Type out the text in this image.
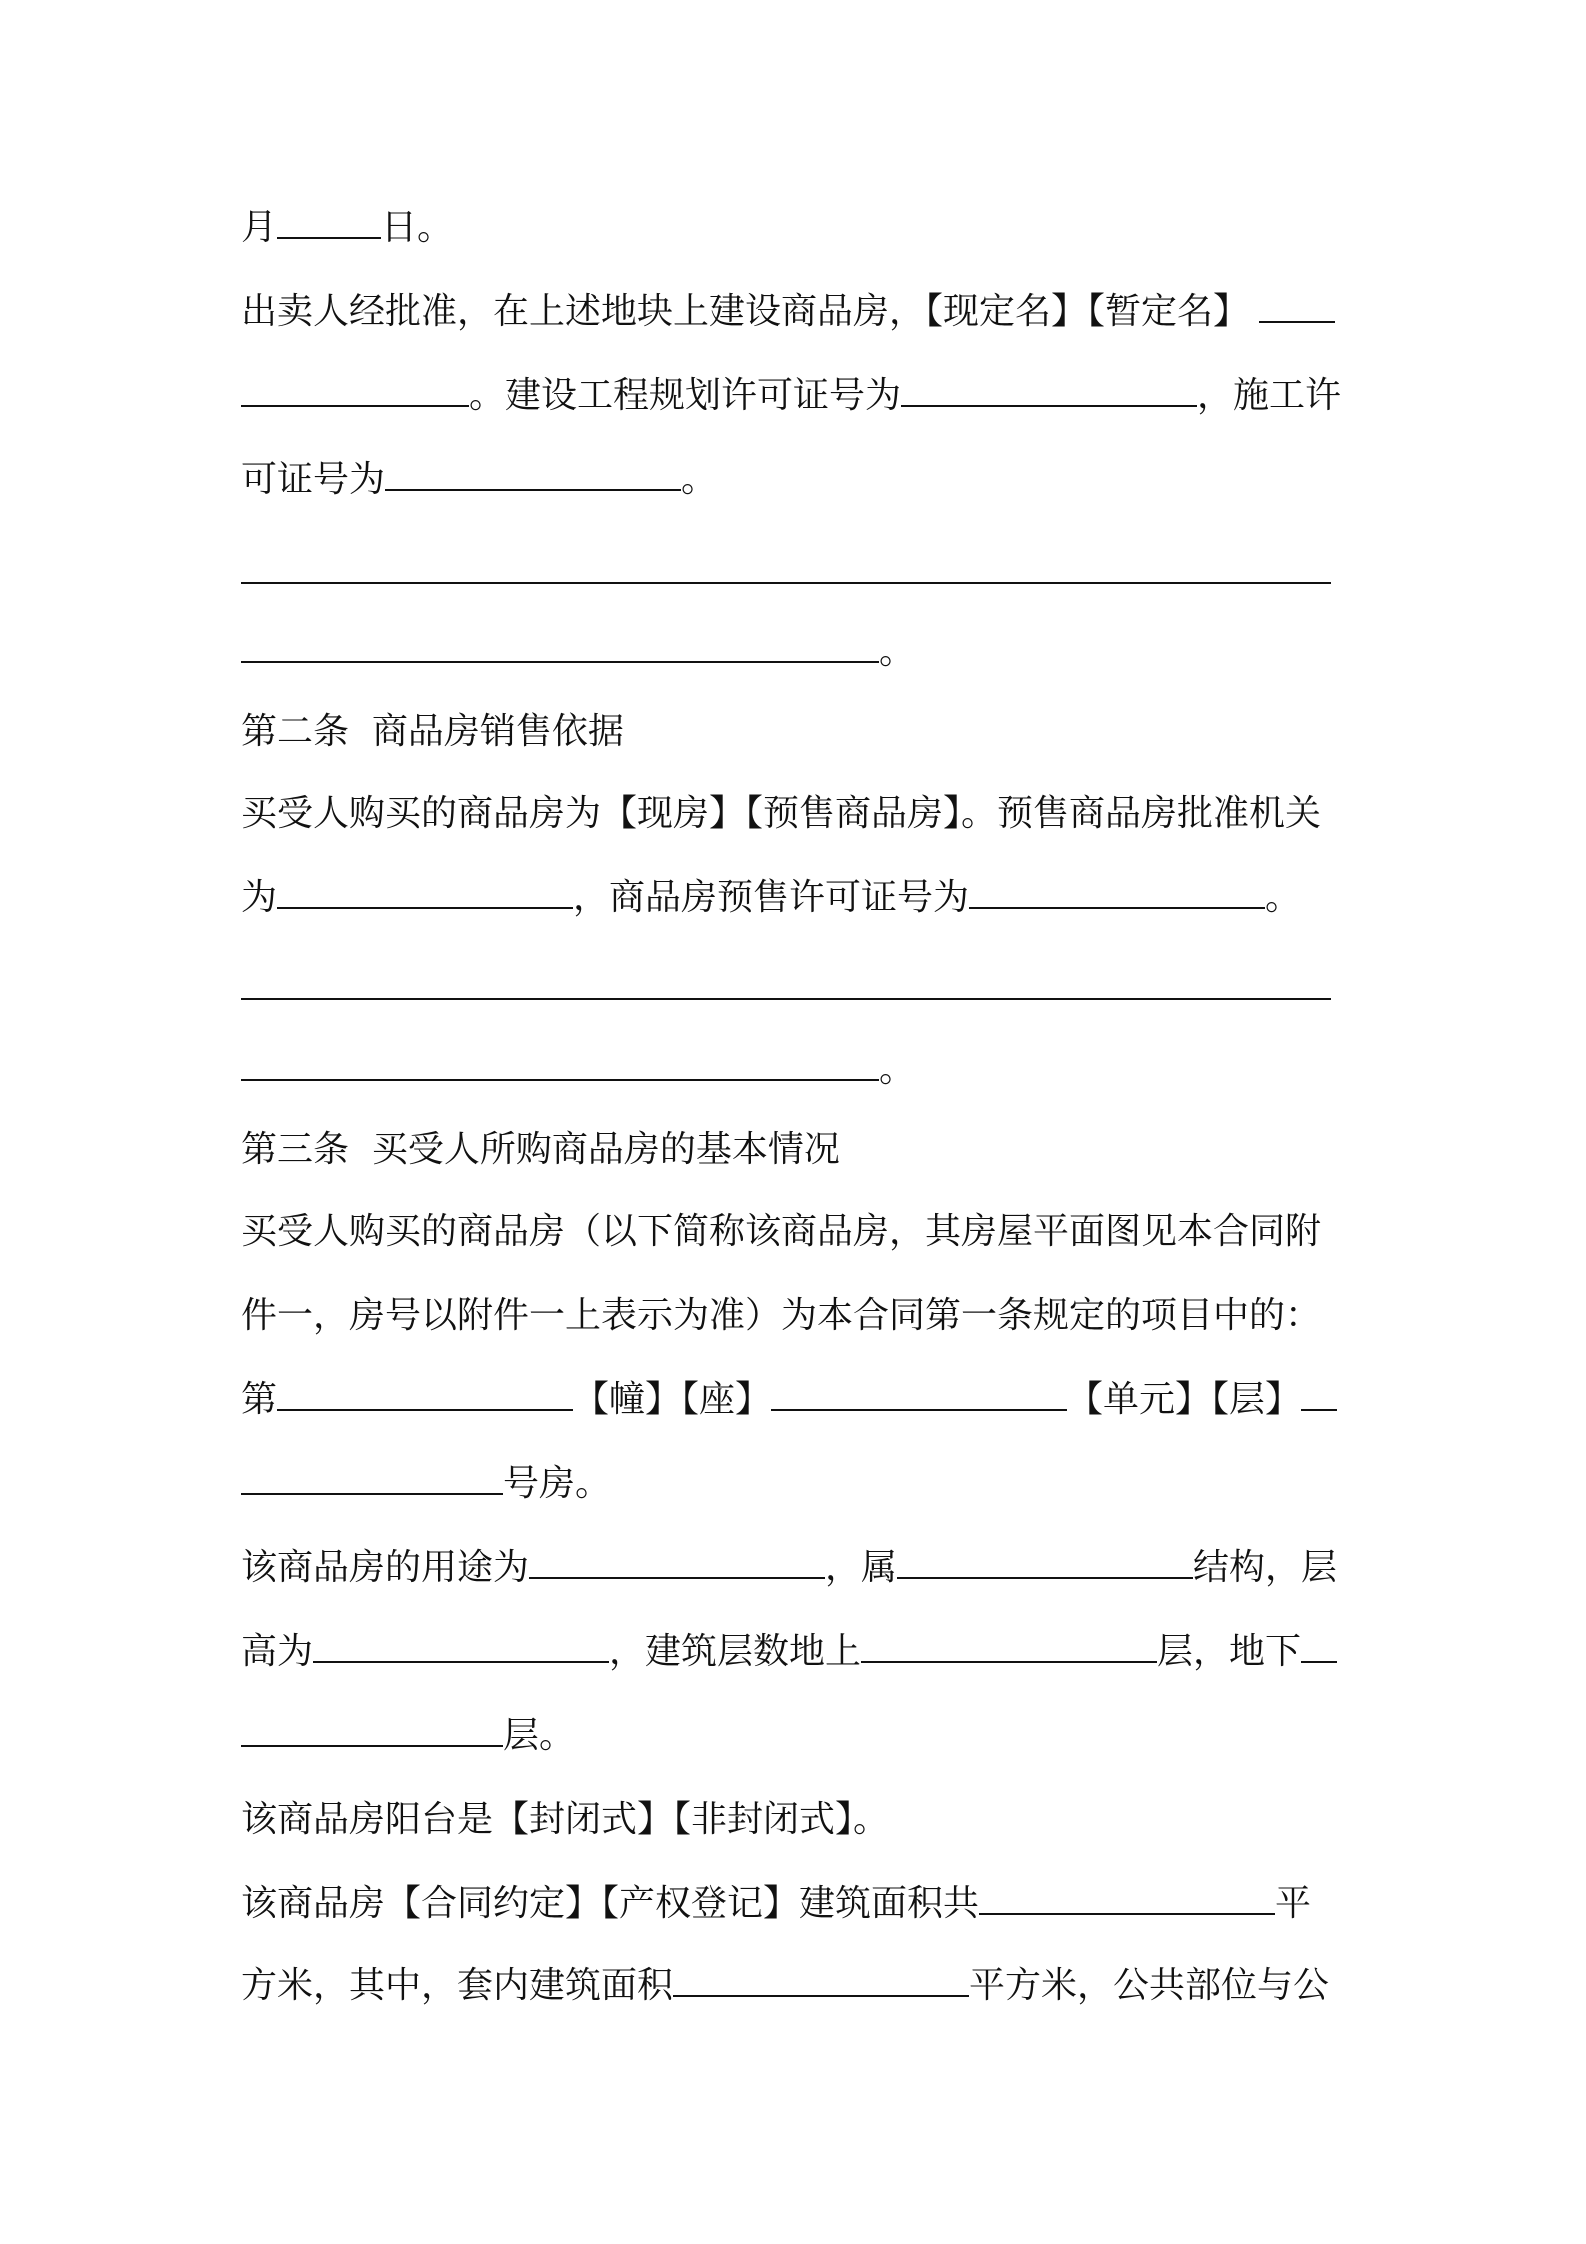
月	日。
出卖人经批准，在上述地块上建设商品房，【现定名】【暂定名】
。建设工程规划许可证号为	，施工许
可证号为	。
。
第二条  商品房销售依据
买受人购买的商品房为【现房】【预售商品房】。预售商品房批准机关
为	，商品房预售许可证号为	。
。
第三条  买受人所购商品房的基本情况
买受人购买的商品房（以下简称该商品房，其房屋平面图见本合同附
件一，房号以附件一上表示为准）为本合同第一条规定的项目中的：
第	【幢】【座】	【单元】【层】
号房。
该商品房的用途为	，属	结构，层
高为	，建筑层数地上	层，地下
层。
该商品房阳台是【封闭式】【非封闭式】。
该商品房【合同约定】【产权登记】建筑面积共	平
方米，其中，套内建筑面积	平方米，公共部位与公
